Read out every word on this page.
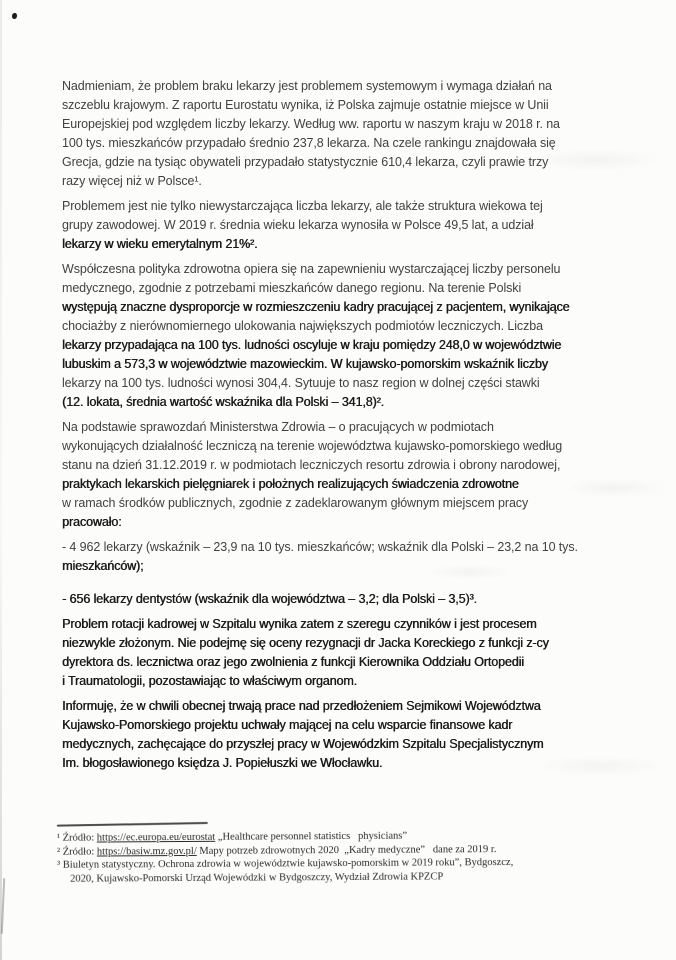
Nadmieniam, że problem braku lekarzy jest problemem systemowym i wymaga działań na
szczeblu krajowym. Z raportu Eurostatu wynika, iż Polska zajmuje ostatnie miejsce w Unii
Europejskiej pod względem liczby lekarzy. Według ww. raportu w naszym kraju w 2018 r. na
100 tys. mieszkańców przypadało średnio 237,8 lekarza. Na czele rankingu znajdowała się
Grecja, gdzie na tysiąc obywateli przypadało statystycznie 610,4 lekarza, czyli prawie trzy
razy więcej niż w Polsce¹.
Problemem jest nie tylko niewystarczająca liczba lekarzy, ale także struktura wiekowa tej
grupy zawodowej. W 2019 r. średnia wieku lekarza wynosiła w Polsce 49,5 lat, a udział
lekarzy w wieku emerytalnym 21%².
Współczesna polityka zdrowotna opiera się na zapewnieniu wystarczającej liczby personelu
medycznego, zgodnie z potrzebami mieszkańców danego regionu. Na terenie Polski
występują znaczne dysproporcje w rozmieszczeniu kadry pracującej z pacjentem, wynikające
chociażby z nierównomiernego ulokowania największych podmiotów leczniczych. Liczba
lekarzy przypadająca na 100 tys. ludności oscyluje w kraju pomiędzy 248,0 w województwie
lubuskim a 573,3 w województwie mazowieckim. W kujawsko-pomorskim wskaźnik liczby
lekarzy na 100 tys. ludności wynosi 304,4. Sytuuje to nasz region w dolnej części stawki
(12. lokata, średnia wartość wskaźnika dla Polski – 341,8)².
Na podstawie sprawozdań Ministerstwa Zdrowia – o pracujących w podmiotach
wykonujących działalność leczniczą na terenie województwa kujawsko-pomorskiego według
stanu na dzień 31.12.2019 r. w podmiotach leczniczych resortu zdrowia i obrony narodowej,
praktykach lekarskich pielęgniarek i położnych realizujących świadczenia zdrowotne
w ramach środków publicznych, zgodnie z zadeklarowanym głównym miejscem pracy
pracowało:
- 4 962 lekarzy (wskaźnik – 23,9 na 10 tys. mieszkańców; wskaźnik dla Polski – 23,2 na 10 tys.
mieszkańców);
- 656 lekarzy dentystów (wskaźnik dla województwa – 3,2; dla Polski – 3,5)³.
Problem rotacji kadrowej w Szpitalu wynika zatem z szeregu czynników i jest procesem
niezwykle złożonym. Nie podejmę się oceny rezygnacji dr Jacka Koreckiego z funkcji z-cy
dyrektora ds. lecznictwa oraz jego zwolnienia z funkcji Kierownika Oddziału Ortopedii
i Traumatologii, pozostawiając to właściwym organom.
Informuję, że w chwili obecnej trwają prace nad przedłożeniem Sejmikowi Województwa
Kujawsko-Pomorskiego projektu uchwały mającej na celu wsparcie finansowe kadr
medycznych, zachęcające do przyszłej pracy w Wojewódzkim Szpitalu Specjalistycznym
Im. błogosławionego księdza J. Popiełuszki we Włocławku.
¹ Źródło: https://ec.europa.eu/eurostat „Healthcare personnel statistics   physicians”
² Źródło: https://basiw.mz.gov.pl/ Mapy potrzeb zdrowotnych 2020  „Kadry medyczne”   dane za 2019 r.
³ Biuletyn statystyczny. Ochrona zdrowia w województwie kujawsko-pomorskim w 2019 roku”, Bydgoszcz,
2020, Kujawsko-Pomorski Urząd Wojewódzki w Bydgoszczy, Wydział Zdrowia KPZCP
